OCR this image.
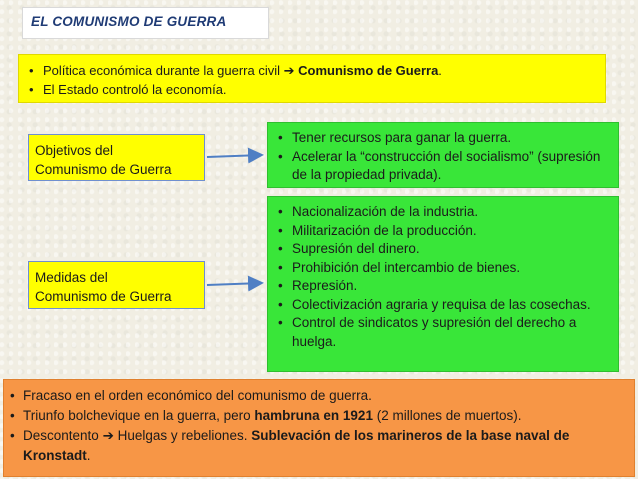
EL COMUNISMO DE GUERRA
• Política económica durante la guerra civil ➔ Comunismo de Guerra.
• El Estado controló la economía.
Objetivos del
Comunismo de Guerra
• Tener recursos para ganar la guerra.
• Acelerar la “construcción del socialismo” (supresión de la propiedad privada).
Medidas del
Comunismo de Guerra
• Nacionalización de la industria.
• Militarización de la producción.
• Supresión del dinero.
• Prohibición del intercambio de bienes.
• Represión.
• Colectivización agraria y requisa de las cosechas.
• Control de sindicatos y supresión del derecho a huelga.
• Fracaso en el orden económico del comunismo de guerra.
• Triunfo bolchevique en la guerra, pero hambruna en 1921 (2 millones de muertos).
• Descontento ➔ Huelgas y rebeliones. Sublevación de los marineros de la base naval de Kronstadt.
